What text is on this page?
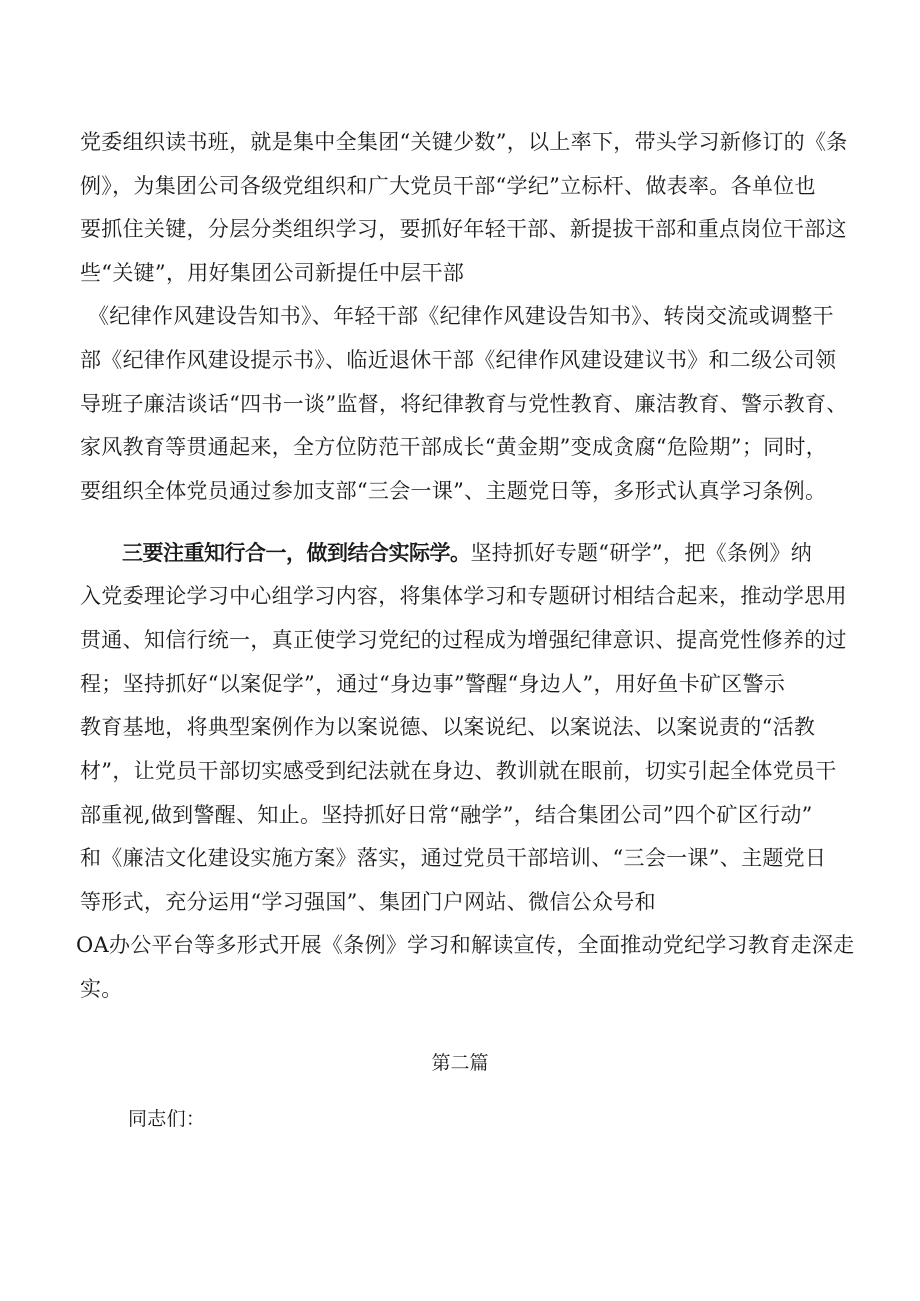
党委组织读书班，就是集中全集团“关键少数”，以上率下，带头学习新修订的《条
例》，为集团公司各级党组织和广大党员干部“学纪”立标杆、做表率。各单位也
要抓住关键，分层分类组织学习，要抓好年轻干部、新提拔干部和重点岗位干部这
些“关键”，用好集团公司新提任中层干部
《纪律作风建设告知书》、年轻干部《纪律作风建设告知书》、转岗交流或调整干
部《纪律作风建设提示书》、临近退休干部《纪律作风建设建议书》和二级公司领
导班子廉洁谈话“四书一谈”监督，将纪律教育与党性教育、廉洁教育、警示教育、
家风教育等贯通起来，全方位防范干部成长“黄金期”变成贪腐“危险期”；同时，
要组织全体党员通过参加支部“三会一课”、主题党日等，多形式认真学习条例。
三要注重知行合一，做到结合实际学。坚持抓好专题“研学”，把《条例》纳
入党委理论学习中心组学习内容，将集体学习和专题研讨相结合起来，推动学思用
贯通、知信行统一，真正使学习党纪的过程成为增强纪律意识、提高党性修养的过
程；坚持抓好“以案促学”，通过“身边事”警醒“身边人”，用好鱼卡矿区警示
教育基地，将典型案例作为以案说德、以案说纪、以案说法、以案说责的“活教
材”，让党员干部切实感受到纪法就在身边、教训就在眼前，切实引起全体党员干
部重视,做到警醒、知止。坚持抓好日常“融学”，结合集团公司”四个矿区行动”
和《廉洁文化建设实施方案》落实，通过党员干部培训、“三会一课”、主题党日
等形式，充分运用“学习强国”、集团门户网站、微信公众号和
OA办公平台等多形式开展《条例》学习和解读宣传，全面推动党纪学习教育走深走
实。
第二篇
同志们：
